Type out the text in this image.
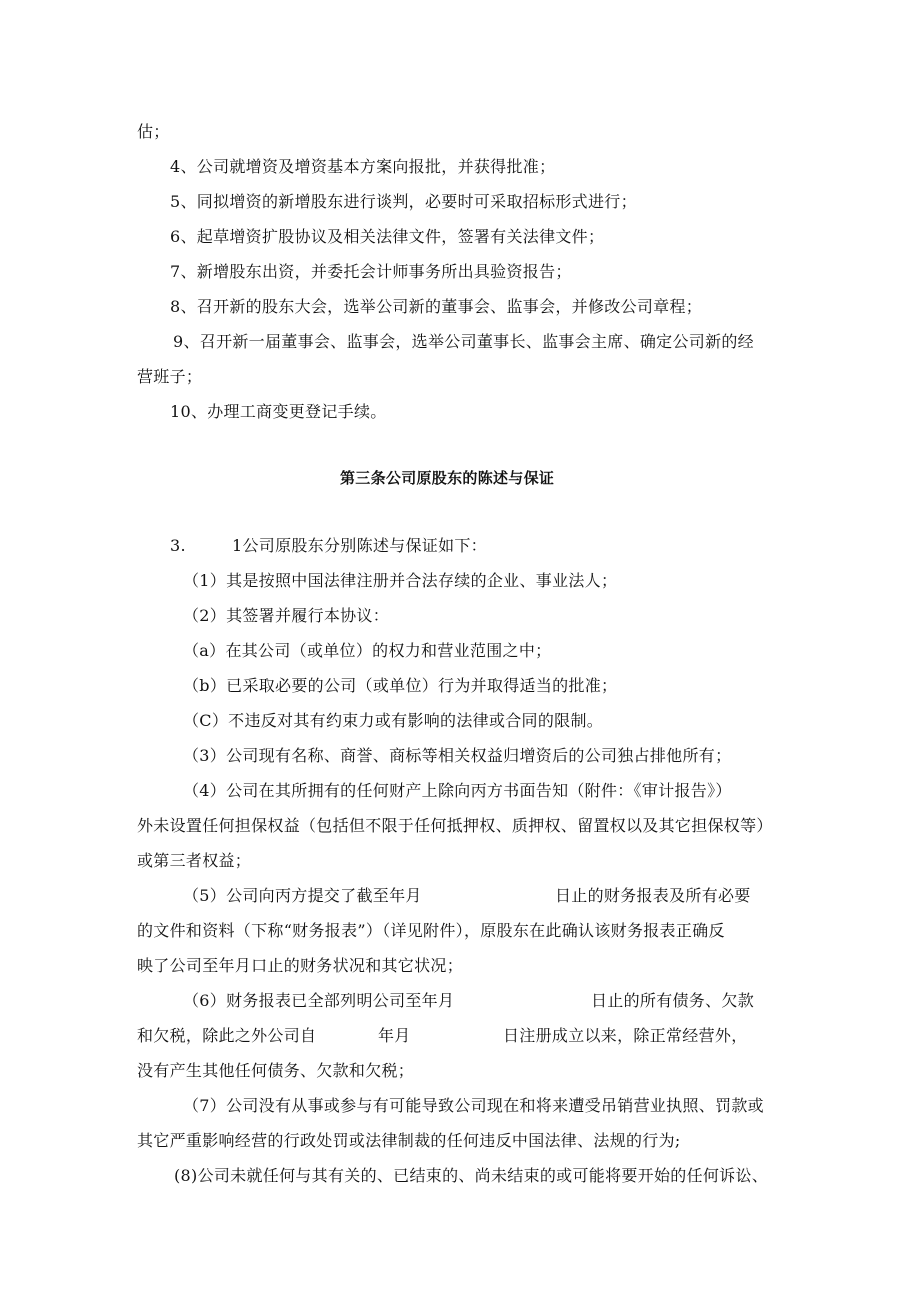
估；
4、公司就增资及增资基本方案向报批，并获得批准；
5、同拟增资的新增股东进行谈判，必要时可采取招标形式进行；
6、起草增资扩股协议及相关法律文件，签署有关法律文件；
7、新增股东出资，并委托会计师事务所出具验资报告；
8、召开新的股东大会，选举公司新的董事会、监事会，并修改公司章程；
9、召开新一届董事会、监事会，选举公司董事长、监事会主席、确定公司新的经
营班子；
10、办理工商变更登记手续。
第三条公司原股东的陈述与保证
3.	1公司原股东分别陈述与保证如下：
（1）其是按照中国法律注册并合法存续的企业、事业法人；
（2）其签署并履行本协议：
（a）在其公司（或单位）的权力和营业范围之中；
（b）已采取必要的公司（或单位）行为并取得适当的批准；
（C）不违反对其有约束力或有影响的法律或合同的限制。
（3）公司现有名称、商誉、商标等相关权益归增资后的公司独占排他所有；
（4）公司在其所拥有的任何财产上除向丙方书面告知（附件：《审计报告》）
外未设置任何担保权益（包括但不限于任何抵押权、质押权、留置权以及其它担保权等）
或第三者权益；
（5）公司向丙方提交了截至年月	日止的财务报表及所有必要
的文件和资料（下称“财务报表”）（详见附件），原股东在此确认该财务报表正确反
映了公司至年月口止的财务状况和其它状况；
（6）财务报表已全部列明公司至年月	日止的所有债务、欠款
和欠税，除此之外公司自	年月	日注册成立以来，除正常经营外，
没有产生其他任何债务、欠款和欠税；
（7）公司没有从事或参与有可能导致公司现在和将来遭受吊销营业执照、罚款或
其它严重影响经营的行政处罚或法律制裁的任何违反中国法律、法规的行为;
(8)公司未就任何与其有关的、已结束的、尚未结束的或可能将要开始的任何诉讼、
